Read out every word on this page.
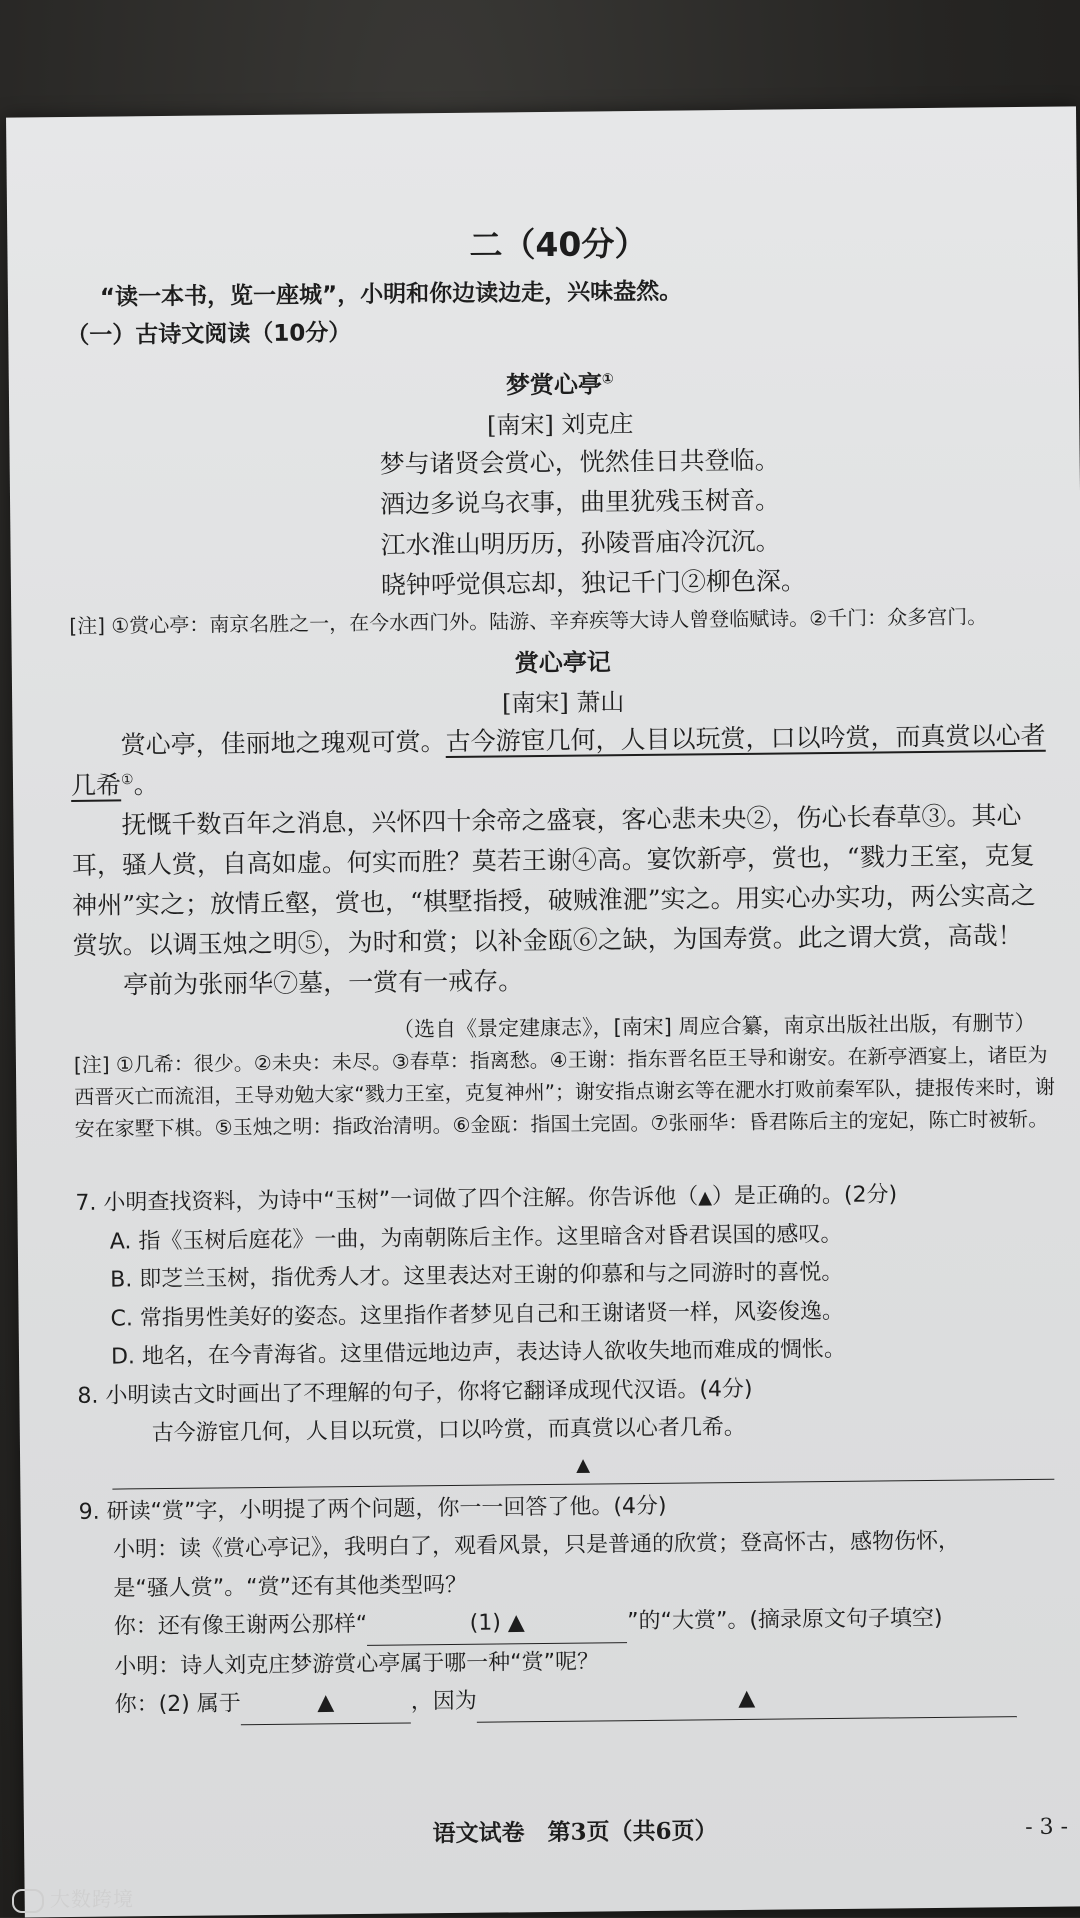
二（40分）
“读一本书，览一座城”，小明和你边读边走，兴味盎然。
（一）古诗文阅读（10分）
梦赏心亭①
[南宋] 刘克庄
梦与诸贤会赏心，恍然佳日共登临。
酒边多说乌衣事，曲里犹残玉树音。
江水淮山明历历，孙陵晋庙冷沉沉。
晓钟呼觉俱忘却，独记千门②柳色深。
[注] ①赏心亭：南京名胜之一，在今水西门外。陆游、辛弃疾等大诗人曾登临赋诗。②千门：众多宫门。
赏心亭记
[南宋] 萧山

赏心亭，佳丽地之瑰观可赏。古今游宦几何，人目以玩赏，口以吟赏，而真赏以心者几希①。

抚慨千数百年之消息，兴怀四十余帝之盛衰，客心悲未央②，伤心长春草③。其心耳，骚人赏，自高如虚。何实而胜？莫若王谢④高。宴饮新亭，赏也，“戮力王室，克复神州”实之；放情丘壑，赏也，“棋墅指授，破贼淮淝”实之。用实心办实功，两公实高之赏欤。以调玉烛之明⑤，为时和赏；以补金瓯⑥之缺，为国寿赏。此之谓大赏，高哉！

亭前为张丽华⑦墓，一赏有一戒存。

（选自《景定建康志》，[南宋] 周应合纂，南京出版社出版，有删节）
[注] ①几希：很少。②未央：未尽。③春草：指离愁。④王谢：指东晋名臣王导和谢安。在新亭酒宴上，诸臣为西晋灭亡而流泪，王导劝勉大家“戮力王室，克复神州”；谢安指点谢玄等在淝水打败前秦军队，捷报传来时，谢安在家墅下棋。⑤玉烛之明：指政治清明。⑥金瓯：指国土完固。⑦张丽华：昏君陈后主的宠妃，陈亡时被斩。
7. 小明查找资料，为诗中“玉树”一词做了四个注解。你告诉他（▲）是正确的。(2分)
A. 指《玉树后庭花》一曲，为南朝陈后主作。这里暗含对昏君误国的感叹。
B. 即芝兰玉树，指优秀人才。这里表达对王谢的仰慕和与之同游时的喜悦。
C. 常指男性美好的姿态。这里指作者梦见自己和王谢诸贤一样，风姿俊逸。
D. 地名，在今青海省。这里借远地边声，表达诗人欲收失地而难成的惆怅。
8. 小明读古文时画出了不理解的句子，你将它翻译成现代汉语。(4分)
古今游宦几何，人目以玩赏，口以吟赏，而真赏以心者几希。
▲
9. 研读“赏”字，小明提了两个问题，你一一回答了他。(4分)
小明：读《赏心亭记》，我明白了，观看风景，只是普通的欣赏；登高怀古，感物伤怀，
是“骚人赏”。“赏”还有其他类型吗？
你：还有像王谢两公那样“	(1) ▲	”的“大赏”。(摘录原文句子填空)
小明：诗人刘克庄梦游赏心亭属于哪一种“赏”呢？
你：(2) 属于	▲	，因为	▲
语文试卷　第3页（共6页）	- 3 -
大数跨境
